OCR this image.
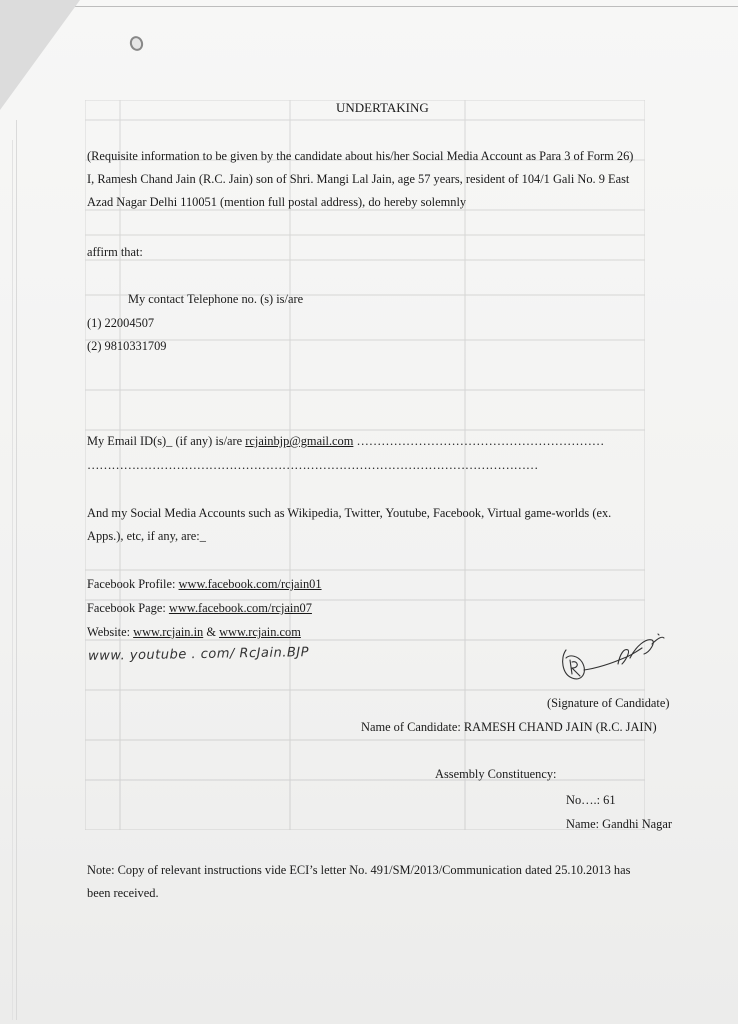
UNDERTAKING
(Requisite information to be given by the candidate about his/her Social Media Account as Para 3 of Form 26)
I, Ramesh Chand Jain (R.C. Jain) son of Shri. Mangi Lal Jain, age 57 years, resident of 104/1 Gali No. 9 East
Azad Nagar Delhi 110051 (mention full postal address), do hereby solemnly
affirm that:
My contact Telephone no. (s) is/are
(1) 22004507
(2) 9810331709
My Email ID(s)_ (if any) is/are rcjainbjp@gmail.com ……………………………………………………
…………………………………………………………………………………………………
And my Social Media Accounts such as Wikipedia, Twitter, Youtube, Facebook, Virtual game-worlds (ex.
Apps.), etc, if any, are:_
Facebook Profile: www.facebook.com/rcjain01
Facebook Page: www.facebook.com/rcjain07
Website: www.rcjain.in & www.rcjain.com
www. youtube . com/ RcJain.BJP
(Signature of Candidate)
Name of Candidate: RAMESH CHAND JAIN (R.C. JAIN)
Assembly Constituency:
No….: 61
Name: Gandhi Nagar
Note: Copy of relevant instructions vide ECI’s letter No. 491/SM/2013/Communication dated 25.10.2013 has
been received.
